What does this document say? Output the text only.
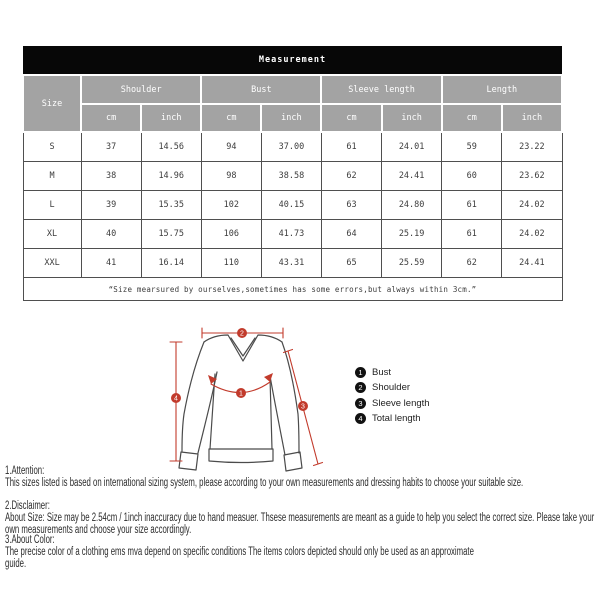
Measurement								
Size	Shoulder		Bust		Sleeve length		Length	
	cm	inch	cm	inch	cm	inch	cm	inch
S	37	14.56	94	37.00	61	24.01	59	23.22
M	38	14.96	98	38.58	62	24.41	60	23.62
L	39	15.35	102	40.15	63	24.80	61	24.02
XL	40	15.75	106	41.73	64	25.19	61	24.02
XXL	41	16.14	110	43.31	65	25.59	62	24.41
“Size mearsured by ourselves,sometimes has some errors,but always within 3cm.”								
2
1
4
3
1 Bust
2 Shoulder
3 Sleeve length
4 Total length
1.Attention:

This sizes listed is based on international sizing system, please according to your own measurements and dressing habits to choose your suitable size.

2.Disclaimer:

About Size: Size may be 2.54cm / 1inch inaccuracy due to hand measuer. Thsese measurements are meant as a guide to help you select the correct size. Please take your own measurements and choose your size accordingly.

3.About Color:

The precise color of a clothing ems mva depend on specific conditions The items colors depicted should only be used as an approximate guide.
